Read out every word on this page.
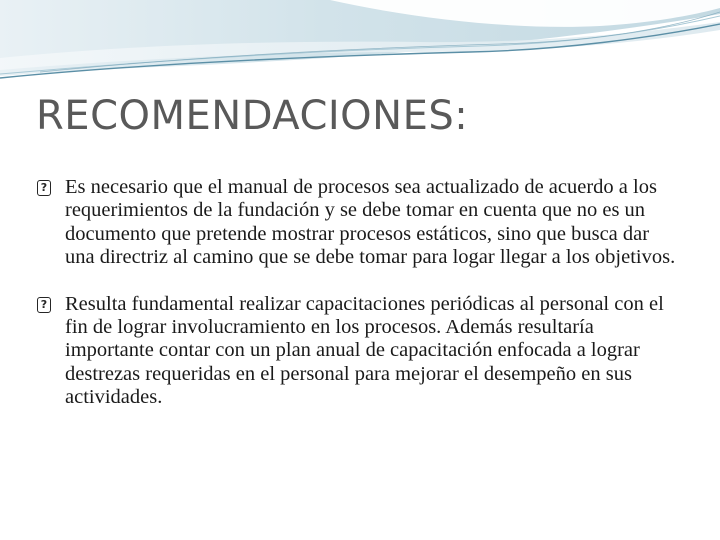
RECOMENDACIONES:
?
Es necesario que el manual de procesos sea actualizado de acuerdo a los requerimientos de la fundación y se debe tomar en cuenta que no es un documento que pretende mostrar procesos estáticos, sino que busca dar una directriz al camino que se debe tomar para logar llegar a los objetivos.
?
Resulta fundamental realizar capacitaciones periódicas al personal con el fin de lograr involucramiento en los procesos. Además resultaría importante contar con un plan anual de capacitación enfocada a lograr destrezas requeridas en el personal para mejorar el desempeño en sus actividades.
